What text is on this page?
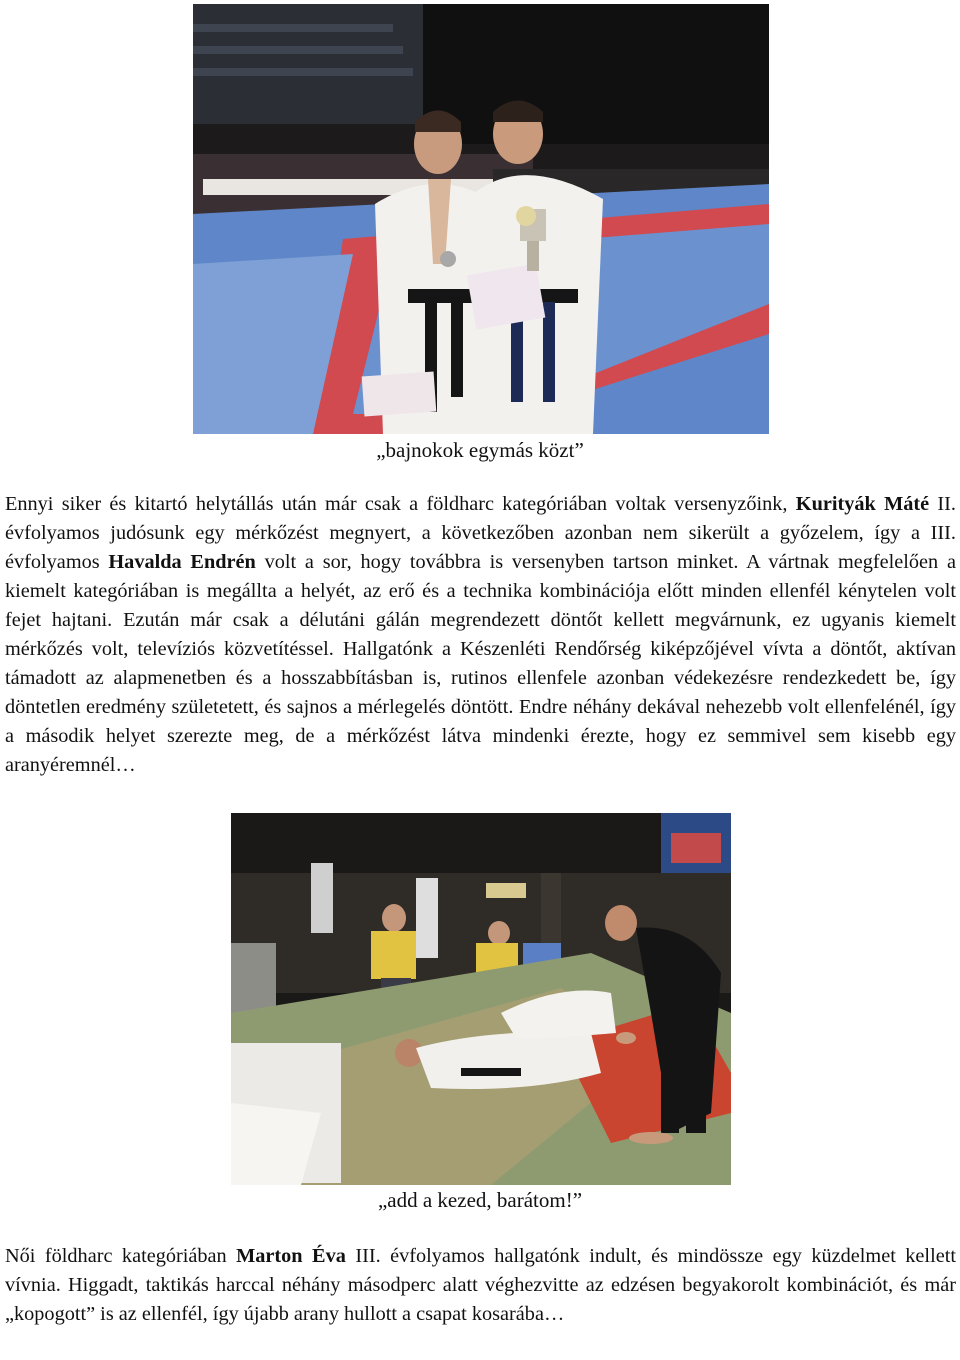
„bajnokok egymás közt”

Ennyi siker és kitartó helytállás után már csak a földharc kategóriában voltak versenyzőink, Kurityák Máté II. évfolyamos judósunk egy mérkőzést megnyert, a következőben azonban nem sikerült a győzelem, így a III. évfolyamos Havalda Endrén volt a sor, hogy továbbra is versenyben tartson minket. A vártnak megfelelően a kiemelt kategóriában is megállta a helyét, az erő és a technika kombinációja előtt minden ellenfél kénytelen volt fejet hajtani. Ezután már csak a délutáni gálán megrendezett döntőt kellett megvárnunk, ez ugyanis kiemelt mérkőzés volt, televíziós közvetítéssel. Hallgatónk a Készenléti Rendőrség kiképzőjével vívta a döntőt, aktívan támadott az alapmenetben és a hosszabbításban is, rutinos ellenfele azonban védekezésre rendezkedett be, így döntetlen eredmény születetett, és sajnos a mérlegelés döntött. Endre néhány dekával nehezebb volt ellenfelénél, így a második helyet szerezte meg, de a mérkőzést látva mindenki érezte, hogy ez semmivel sem kisebb egy aranyéremnél…

„add a kezed, barátom!”

Női földharc kategóriában Marton Éva III. évfolyamos hallgatónk indult, és mindössze egy küzdelmet kellett vívnia. Higgadt, taktikás harccal néhány másodperc alatt véghezvitte az edzésen begyakorolt kombinációt, és már „kopogott” is az ellenfél, így újabb arany hullott a csapat kosarába…
